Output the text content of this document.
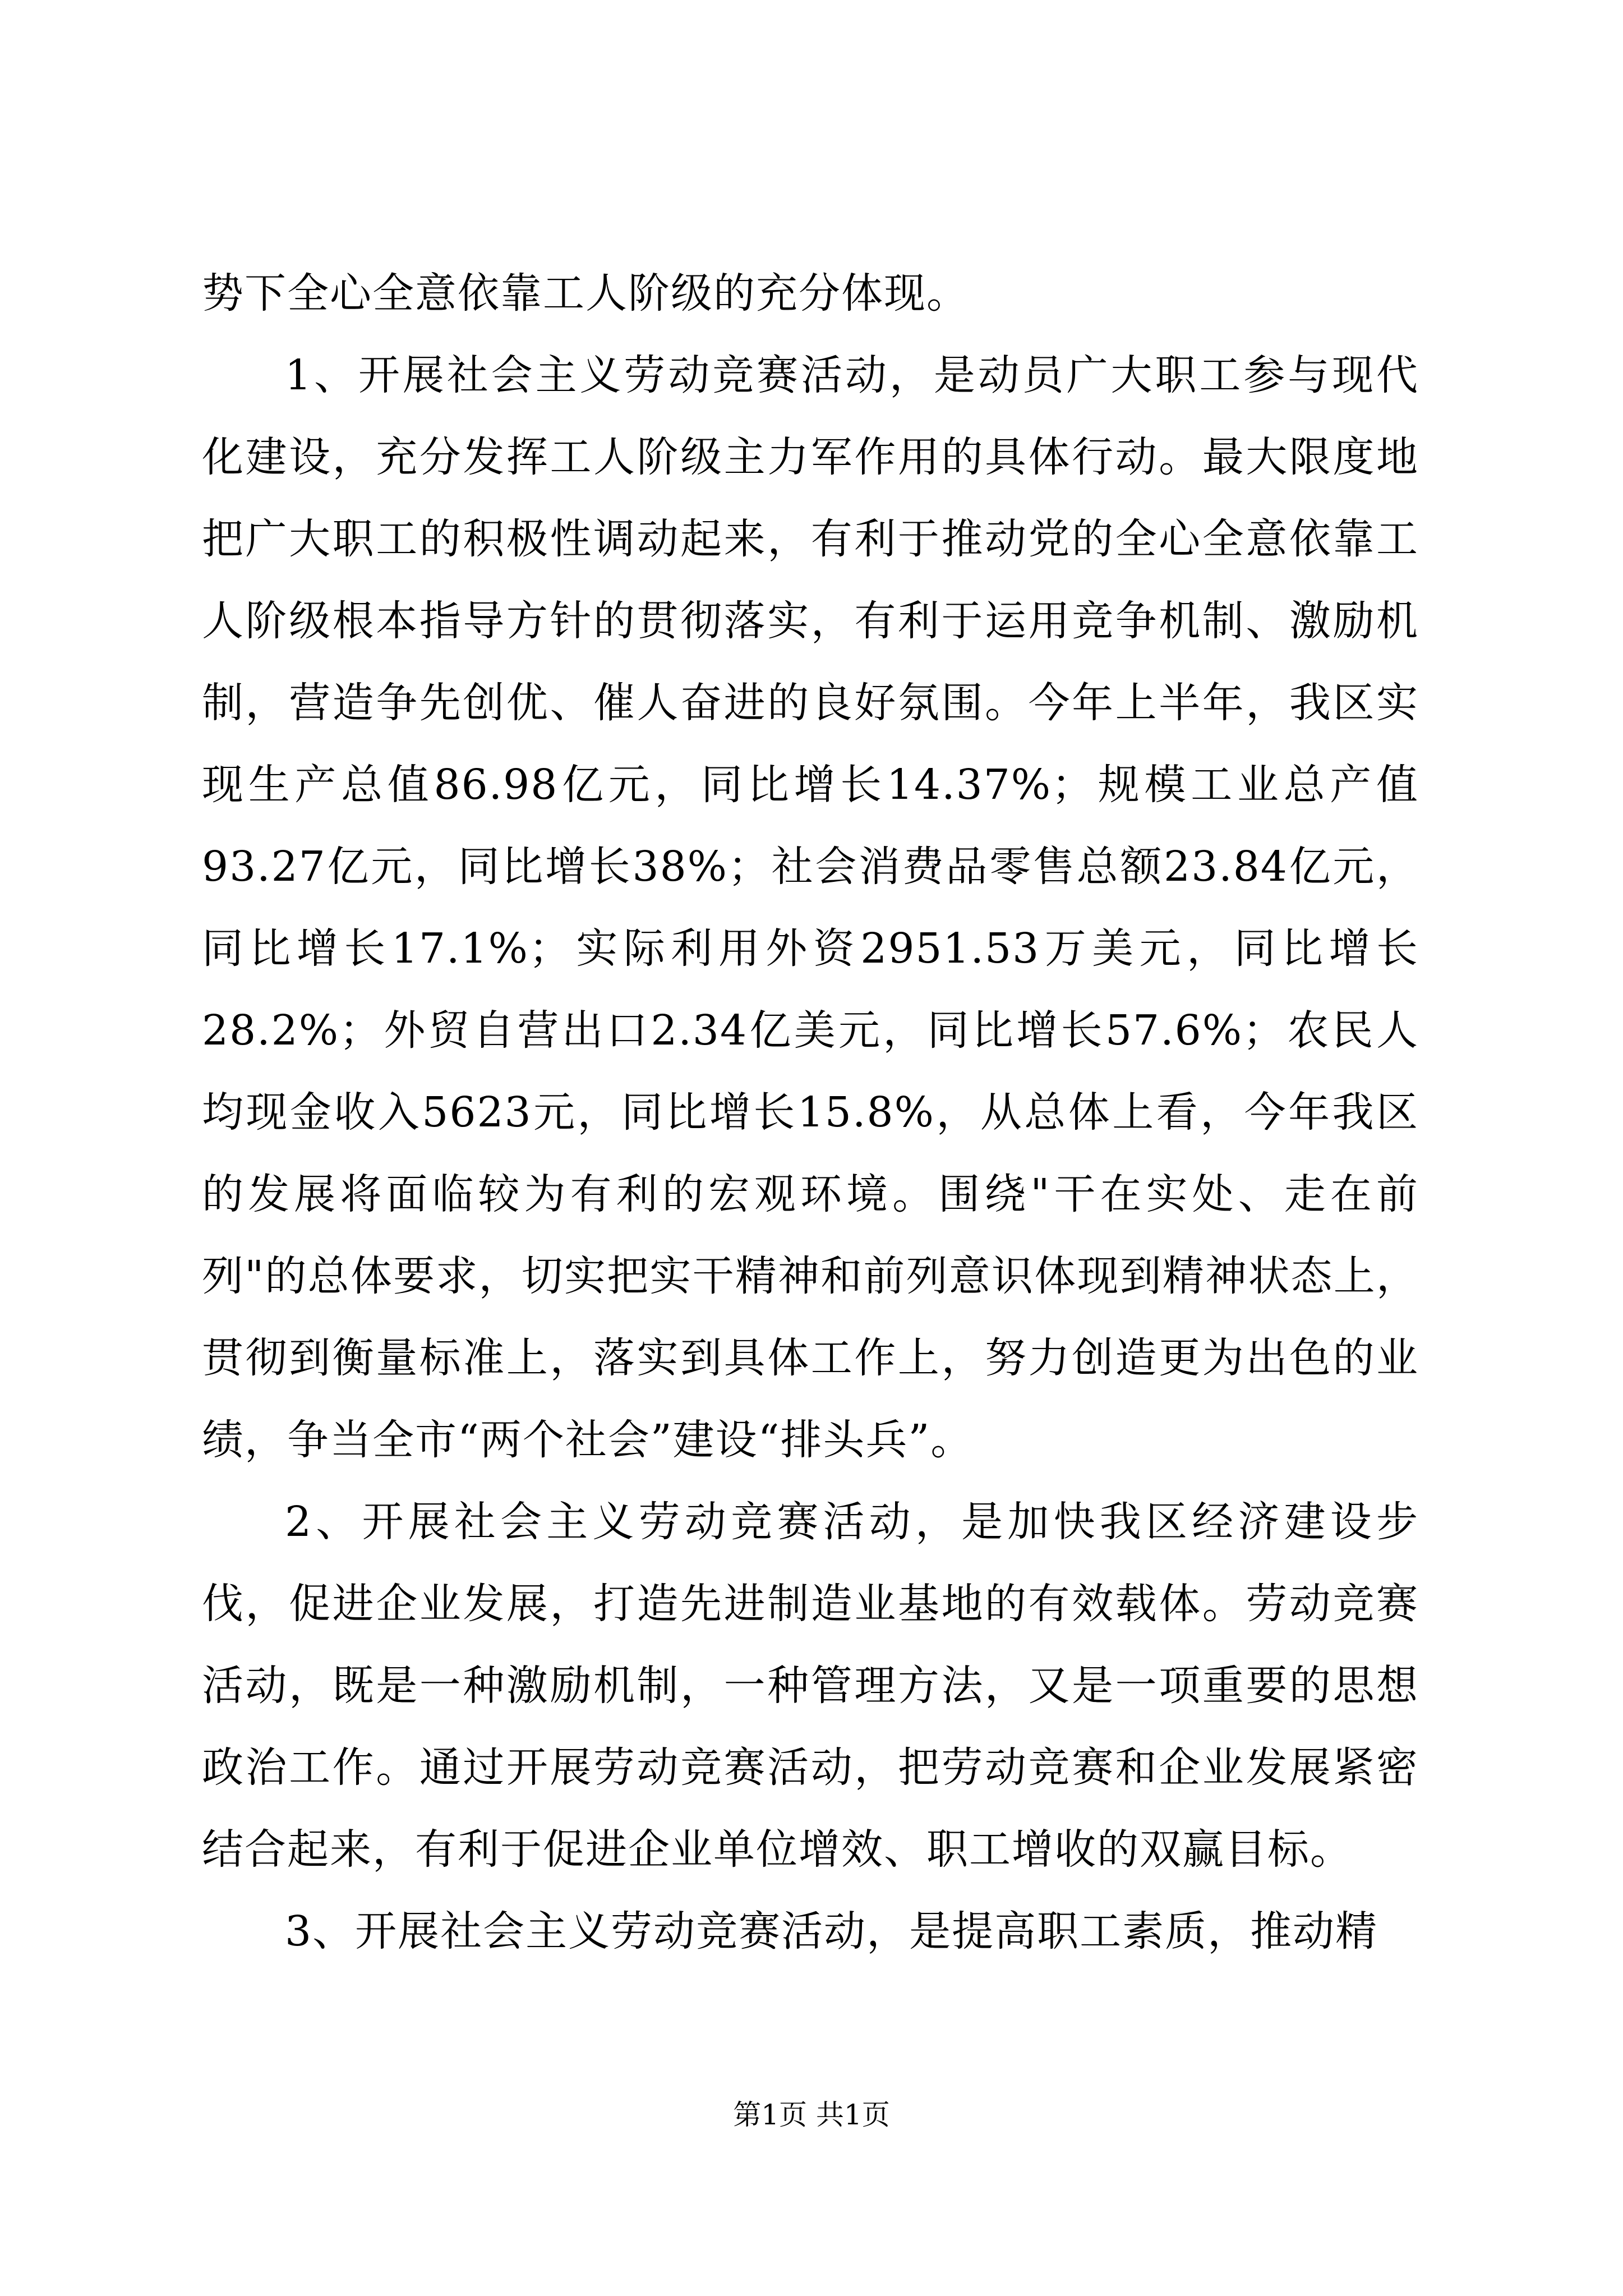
势下全心全意依靠工人阶级的充分体现。

1、开展社会主义劳动竞赛活动，是动员广大职工参与现代化建设，充分发挥工人阶级主力军作用的具体行动。最大限度地把广大职工的积极性调动起来，有利于推动党的全心全意依靠工人阶级根本指导方针的贯彻落实，有利于运用竞争机制、激励机制，营造争先创优、催人奋进的良好氛围。今年上半年，我区实现生产总值86.98亿元，同比增长14.37%；规模工业总产值93.27亿元，同比增长38%；社会消费品零售总额23.84亿元，同比增长17.1%；实际利用外资2951.53万美元，同比增长28.2%；外贸自营出口2.34亿美元，同比增长57.6%；农民人均现金收入5623元，同比增长15.8%，从总体上看，今年我区的发展将面临较为有利的宏观环境。围绕"干在实处、走在前列"的总体要求，切实把实干精神和前列意识体现到精神状态上，贯彻到衡量标准上，落实到具体工作上，努力创造更为出色的业绩，争当全市“两个社会”建设“排头兵”。

2、开展社会主义劳动竞赛活动，是加快我区经济建设步伐，促进企业发展，打造先进制造业基地的有效载体。劳动竞赛活动，既是一种激励机制，一种管理方法，又是一项重要的思想政治工作。通过开展劳动竞赛活动，把劳动竞赛和企业发展紧密结合起来，有利于促进企业单位增效、职工增收的双赢目标。

3、开展社会主义劳动竞赛活动，是提高职工素质，推动精

第1页 共1页
